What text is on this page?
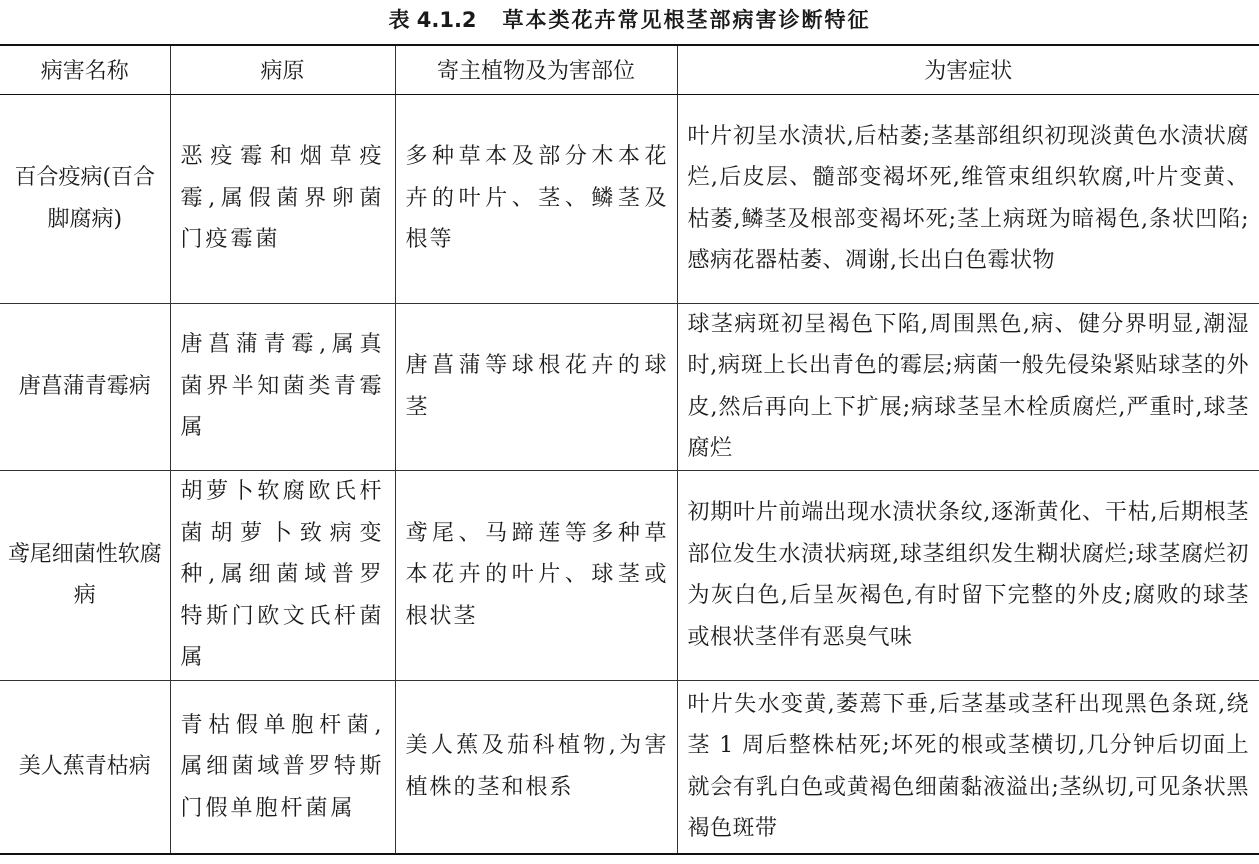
表 4.1.2 草本类花卉常见根茎部病害诊断特征
病害名称	病原	寄主植物及为害部位	为害症状

百合疫病(百合脚腐病)	恶疫霉和烟草疫霉,属假菌界卵菌门疫霉菌	多种草本及部分木本花卉的叶片、茎、鳞茎及根等	叶片初呈水渍状,后枯萎;茎基部组织初现淡黄色水渍状腐烂,后皮层、髓部变褐坏死,维管束组织软腐,叶片变黄、枯萎,鳞茎及根部变褐坏死;茎上病斑为暗褐色,条状凹陷;感病花器枯萎、凋谢,长出白色霉状物

唐菖蒲青霉病	唐菖蒲青霉,属真菌界半知菌类青霉属	唐菖蒲等球根花卉的球茎	球茎病斑初呈褐色下陷,周围黑色,病、健分界明显,潮湿时,病斑上长出青色的霉层;病菌一般先侵染紧贴球茎的外皮,然后再向上下扩展;病球茎呈木栓质腐烂,严重时,球茎腐烂

鸢尾细菌性软腐病	胡萝卜软腐欧氏杆菌胡萝卜致病变种,属细菌域普罗特斯门欧文氏杆菌属	鸢尾、马蹄莲等多种草本花卉的叶片、球茎或根状茎	初期叶片前端出现水渍状条纹,逐渐黄化、干枯,后期根茎部位发生水渍状病斑,球茎组织发生糊状腐烂;球茎腐烂初为灰白色,后呈灰褐色,有时留下完整的外皮;腐败的球茎或根状茎伴有恶臭气味

美人蕉青枯病	青枯假单胞杆菌,属细菌域普罗特斯门假单胞杆菌属	美人蕉及茄科植物,为害植株的茎和根系	叶片失水变黄,萎蔫下垂,后茎基或茎秆出现黑色条斑,绕茎 1 周后整株枯死;坏死的根或茎横切,几分钟后切面上就会有乳白色或黄褐色细菌黏液溢出;茎纵切,可见条状黑褐色斑带
